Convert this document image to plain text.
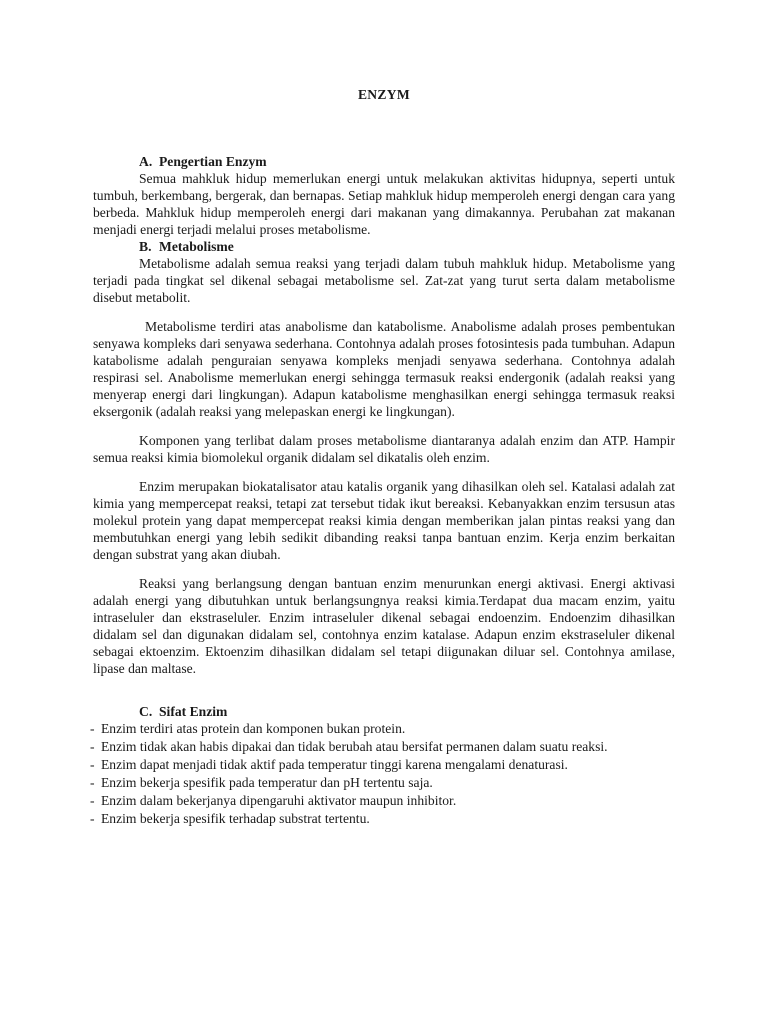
ENZYM

A. Pengertian Enzym

Semua mahkluk hidup memerlukan energi untuk melakukan aktivitas hidupnya, seperti untuk tumbuh, berkembang, bergerak, dan bernapas. Setiap mahkluk hidup memperoleh energi dengan cara yang berbeda. Mahkluk hidup memperoleh energi dari makanan yang dimakannya. Perubahan zat makanan menjadi energi terjadi melalui proses metabolisme.

B. Metabolisme

Metabolisme adalah semua reaksi yang terjadi dalam tubuh mahkluk hidup. Metabolisme yang terjadi pada tingkat sel dikenal sebagai metabolisme sel. Zat-zat yang turut serta dalam metabolisme disebut metabolit.

Metabolisme terdiri atas anabolisme dan katabolisme. Anabolisme adalah proses pembentukan senyawa kompleks dari senyawa sederhana. Contohnya adalah proses fotosintesis pada tumbuhan. Adapun katabolisme adalah penguraian senyawa kompleks menjadi senyawa sederhana. Contohnya adalah respirasi sel. Anabolisme memerlukan energi sehingga termasuk reaksi endergonik (adalah reaksi yang menyerap energi dari lingkungan). Adapun katabolisme menghasilkan energi sehingga termasuk reaksi eksergonik (adalah reaksi yang melepaskan energi ke lingkungan).

Komponen yang terlibat dalam proses metabolisme diantaranya adalah enzim dan ATP. Hampir semua reaksi kimia biomolekul organik didalam sel dikatalis oleh enzim.

Enzim merupakan biokatalisator atau katalis organik yang dihasilkan oleh sel. Katalasi adalah zat kimia yang mempercepat reaksi, tetapi zat tersebut tidak ikut bereaksi. Kebanyakkan enzim tersusun atas molekul protein yang dapat mempercepat reaksi kimia dengan memberikan jalan pintas reaksi yang dan membutuhkan energi yang lebih sedikit dibanding reaksi tanpa bantuan enzim. Kerja enzim berkaitan dengan substrat yang akan diubah.

Reaksi yang berlangsung dengan bantuan enzim menurunkan energi aktivasi. Energi aktivasi adalah energi yang dibutuhkan untuk berlangsungnya reaksi kimia.Terdapat dua macam enzim, yaitu intraseluler dan ekstraseluler. Enzim intraseluler dikenal sebagai endoenzim. Endoenzim dihasilkan didalam sel dan digunakan didalam sel, contohnya enzim katalase. Adapun enzim ekstraseluler dikenal sebagai ektoenzim. Ektoenzim dihasilkan didalam sel tetapi diigunakan diluar sel. Contohnya amilase, lipase dan maltase.

C. Sifat Enzim

- Enzim terdiri atas protein dan komponen bukan protein.
- Enzim tidak akan habis dipakai dan tidak berubah atau bersifat permanen dalam suatu reaksi.
- Enzim dapat menjadi tidak aktif pada temperatur tinggi karena mengalami denaturasi.
- Enzim bekerja spesifik pada temperatur dan pH tertentu saja.
- Enzim dalam bekerjanya dipengaruhi aktivator maupun inhibitor.
- Enzim bekerja spesifik terhadap substrat tertentu.
